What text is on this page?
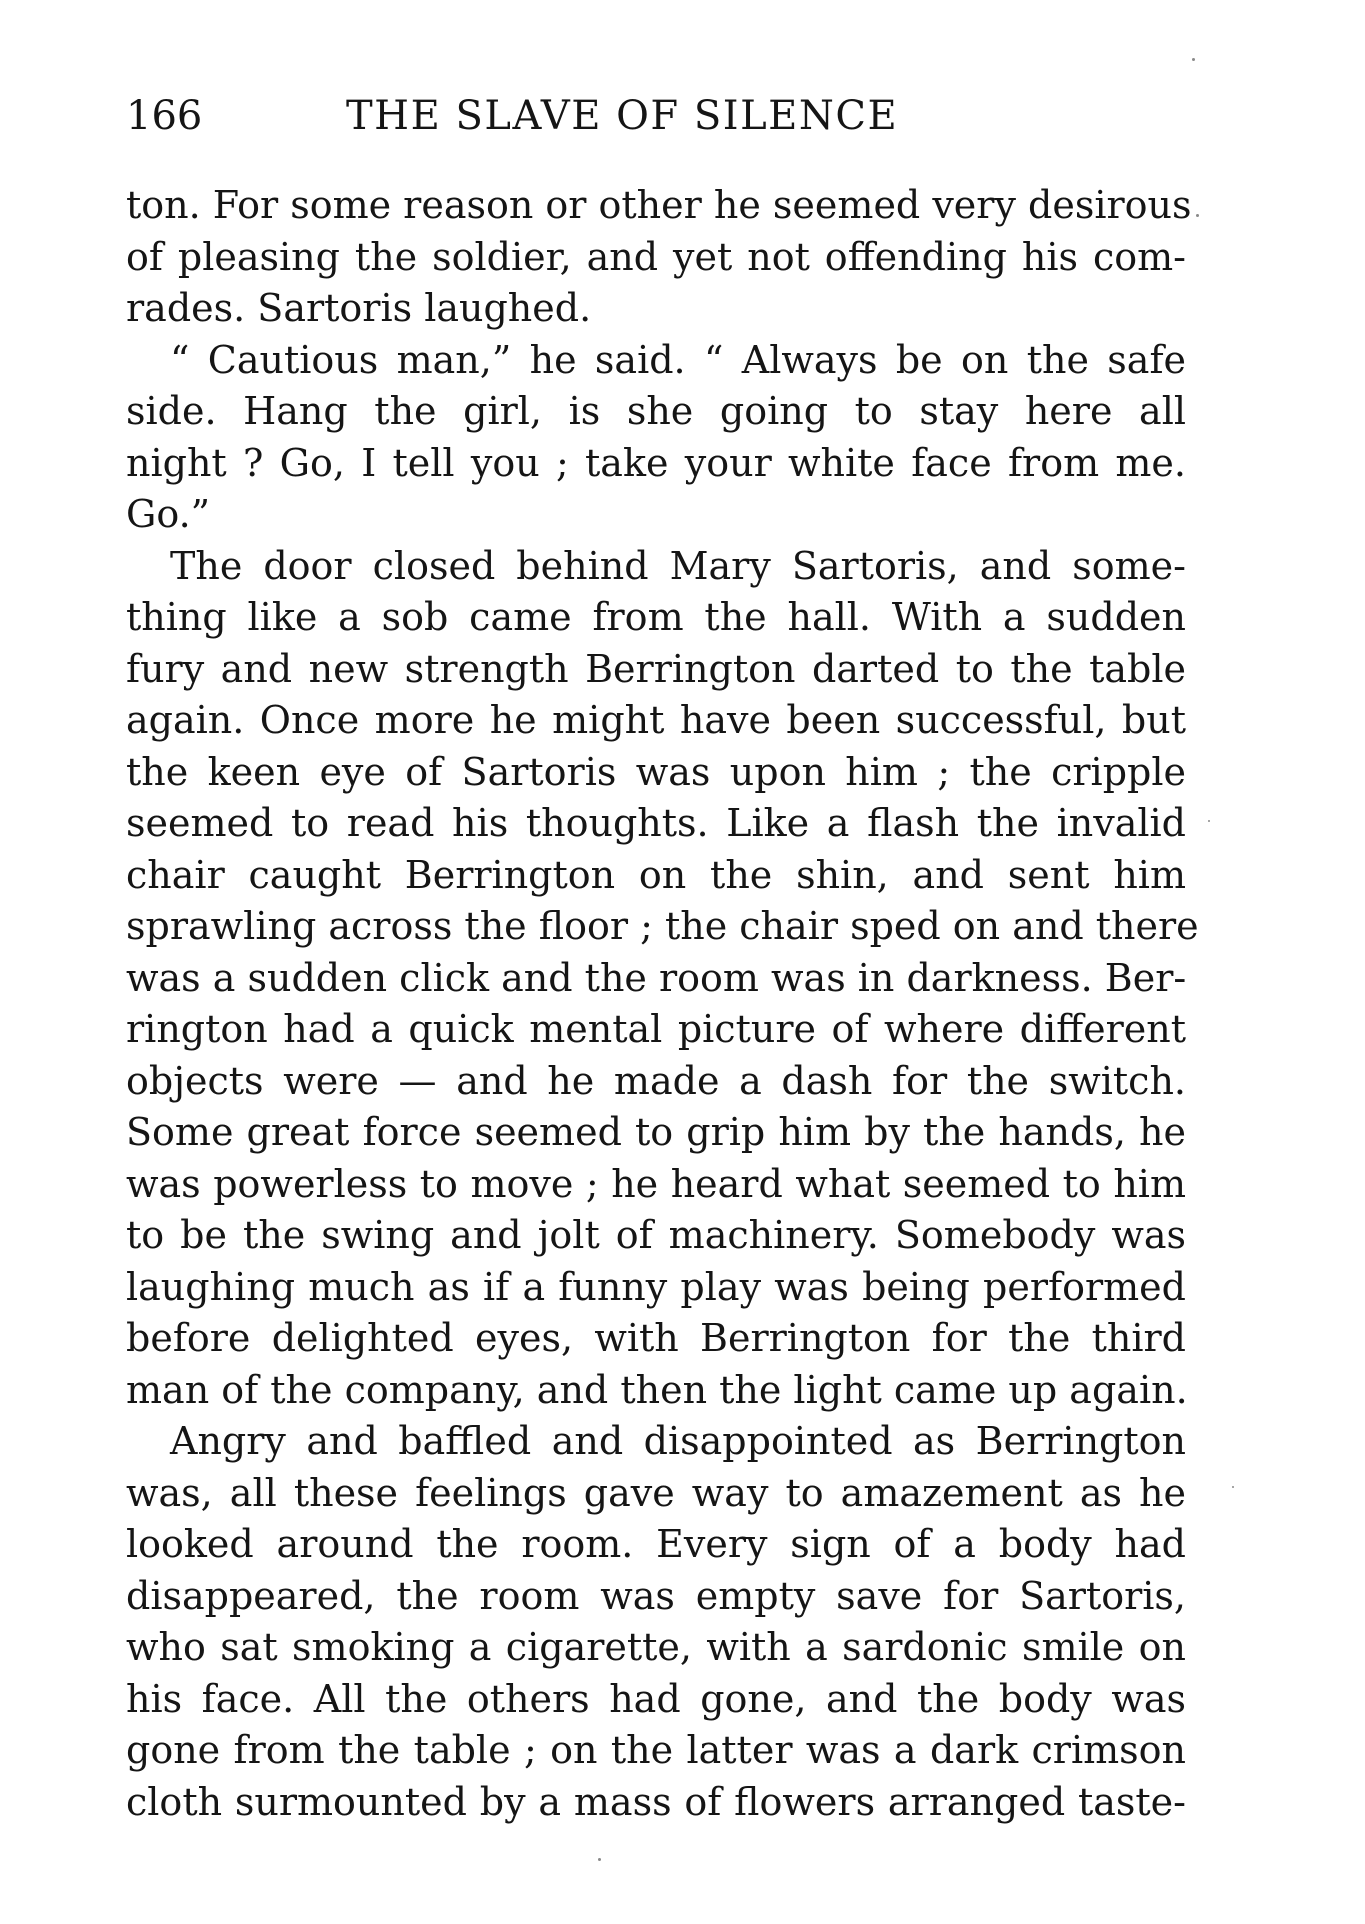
166	THE SLAVE OF SILENCE
ton. For some reason or other he seemed very desirous
of pleasing the soldier, and yet not offending his com-
rades. Sartoris laughed.
“ Cautious man,” he said. “ Always be on the safe
side. Hang the girl, is she going to stay here all
night ? Go, I tell you ; take your white face from me.
Go.”
The door closed behind Mary Sartoris, and some-
thing like a sob came from the hall. With a sudden
fury and new strength Berrington darted to the table
again. Once more he might have been successful, but
the keen eye of Sartoris was upon him ; the cripple
seemed to read his thoughts. Like a flash the invalid
chair caught Berrington on the shin, and sent him
sprawling across the floor ; the chair sped on and there
was a sudden click and the room was in darkness. Ber-
rington had a quick mental picture of where different
objects were — and he made a dash for the switch.
Some great force seemed to grip him by the hands, he
was powerless to move ; he heard what seemed to him
to be the swing and jolt of machinery. Somebody was
laughing much as if a funny play was being performed
before delighted eyes, with Berrington for the third
man of the company, and then the light came up again.
Angry and baffled and disappointed as Berrington
was, all these feelings gave way to amazement as he
looked around the room. Every sign of a body had
disappeared, the room was empty save for Sartoris,
who sat smoking a cigarette, with a sardonic smile on
his face. All the others had gone, and the body was
gone from the table ; on the latter was a dark crimson
cloth surmounted by a mass of flowers arranged taste-
